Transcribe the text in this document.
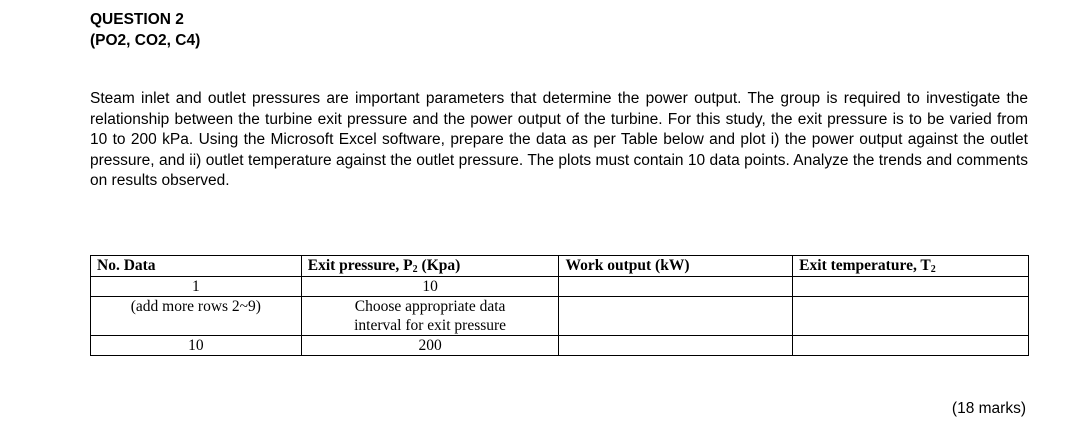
QUESTION 2

(PO2, CO2, C4)

Steam inlet and outlet pressures are important parameters that determine the power output. The group is required to investigate the relationship between the turbine exit pressure and the power output of the turbine. For this study, the exit pressure is to be varied from 10 to 200 kPa. Using the Microsoft Excel software, prepare the data as per Table below and plot i) the power output against the outlet pressure, and ii) outlet temperature against the outlet pressure. The plots must contain 10 data points. Analyze the trends and comments on results observed.

No. Data	Exit pressure, $P_2$ (Kpa)	Work output (kW)	Exit temperature, $T_2$
1	10		
(add more rows 2~9)	Choose appropriate data
interval for exit pressure		

10	200		
(18 marks)
